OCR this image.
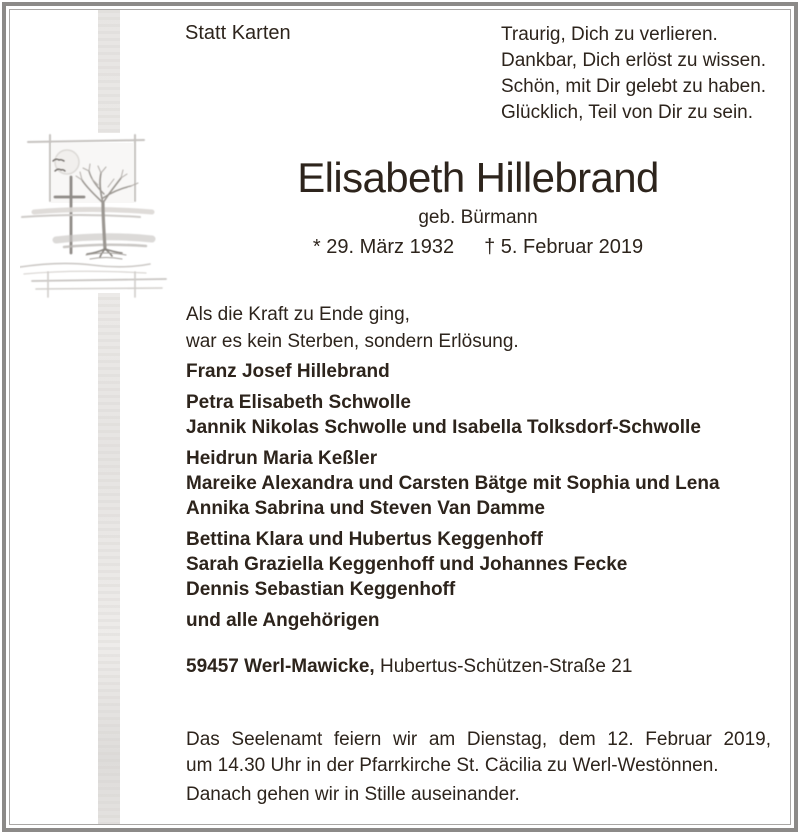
Statt Karten	Traurig, Dich zu verlieren.
Dankbar, Dich erlöst zu wissen.
Schön, mit Dir gelebt zu haben.
Glücklich, Teil von Dir zu sein.
Elisabeth Hillebrand
geb. Bürmann
* 29. März 1932 † 5. Februar 2019
Als die Kraft zu Ende ging,
war es kein Sterben, sondern Erlösung.
Franz Josef Hillebrand
Petra Elisabeth Schwolle
Jannik Nikolas Schwolle und Isabella Tolksdorf-Schwolle
Heidrun Maria Keßler
Mareike Alexandra und Carsten Bätge mit Sophia und Lena
Annika Sabrina und Steven Van Damme
Bettina Klara und Hubertus Keggenhoff
Sarah Graziella Keggenhoff und Johannes Fecke
Dennis Sebastian Keggenhoff
und alle Angehörigen
59457 Werl-Mawicke, Hubertus-Schützen-Straße 21
Das Seelenamt feiern wir am Dienstag, dem 12. Februar 2019,
um 14.30 Uhr in der Pfarrkirche St. Cäcilia zu Werl-Westönnen.
Danach gehen wir in Stille auseinander.
